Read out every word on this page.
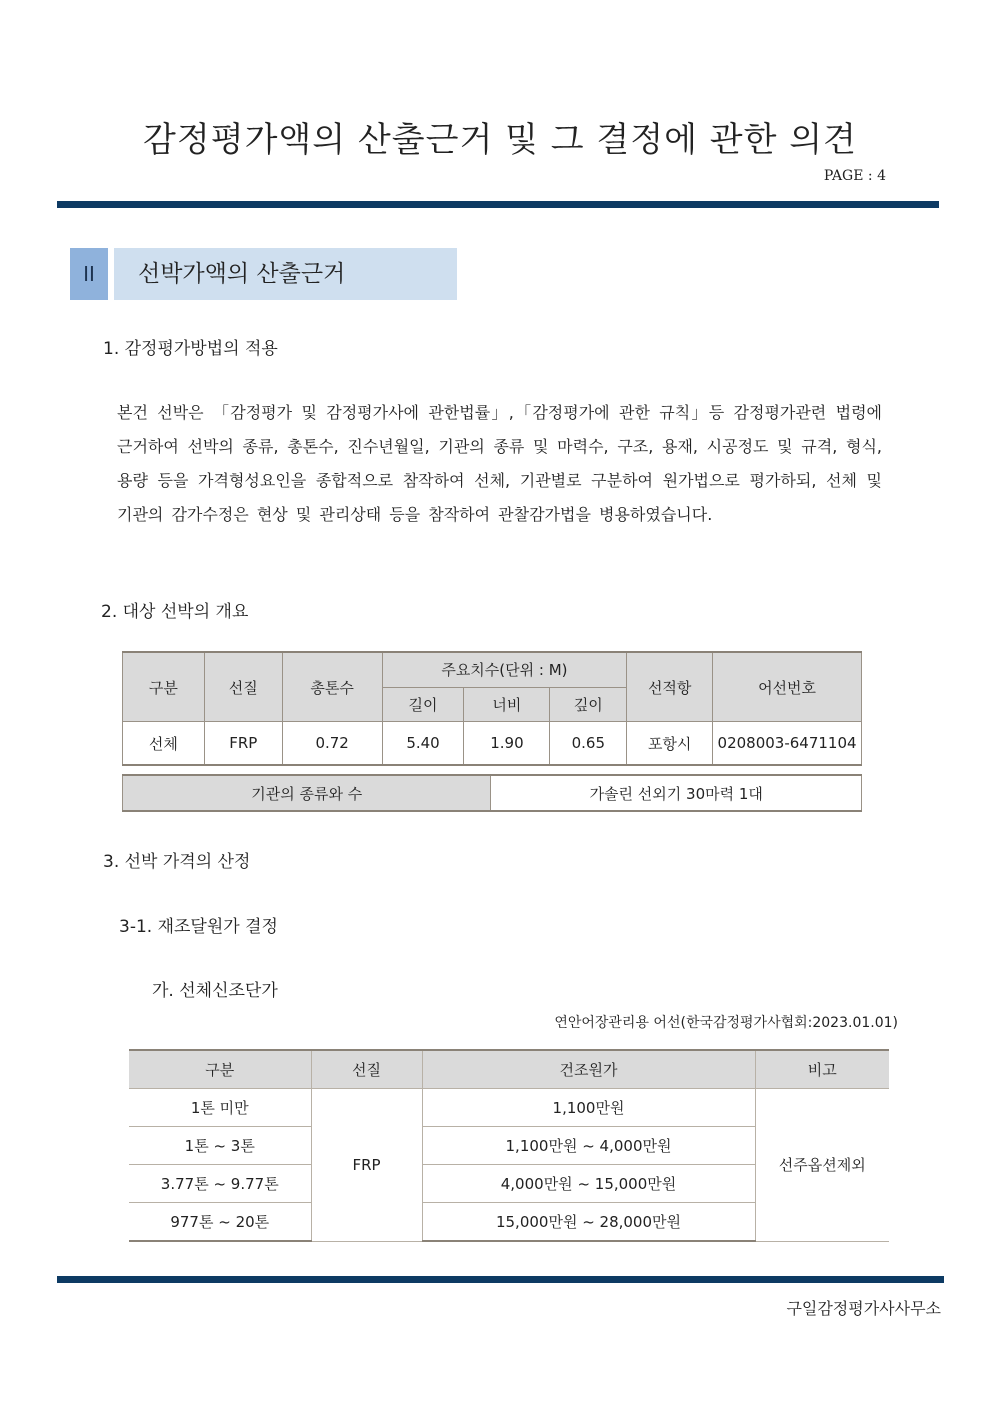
감정평가액의 산출근거 및 그 결정에 관한 의견
PAGE : 4
II	선박가액의 산출근거
1. 감정평가방법의 적용

본건 선박은 「감정평가 및 감정평가사에 관한법률」,「감정평가에 관한 규칙」등 감정평가관련 법령에 근거하여 선박의 종류, 총톤수, 진수년월일, 기관의 종류 및 마력수, 구조, 용재, 시공정도 및 규격, 형식, 용량 등을 가격형성요인을 종합적으로 참작하여 선체, 기관별로 구분하여 원가법으로 평가하되, 선체 및 기관의 감가수정은 현상 및 관리상태 등을 참작하여 관찰감가법을 병용하였습니다.

2. 대상 선박의 개요
구분	선질	총톤수	주요치수(단위 : M)			선적항	어선번호
			길이	너비	깊이		
선체	FRP	0.72	5.40	1.90	0.65	포항시	0208003-6471104
기관의 종류와 수	가솔린 선외기 30마력 1대
3. 선박 가격의 산정
3-1. 재조달원가 결정
가. 선체신조단가
연안어장관리용 어선(한국감정평가사협회:2023.01.01)
구분	선질	건조원가	비고
1톤 미만	FRP	1,100만원	선주옵션제외
1톤 ~ 3톤		1,100만원 ~ 4,000만원	
3.77톤 ~ 9.77톤		4,000만원 ~ 15,000만원	
977톤 ~ 20톤		15,000만원 ~ 28,000만원	
구일감정평가사사무소
